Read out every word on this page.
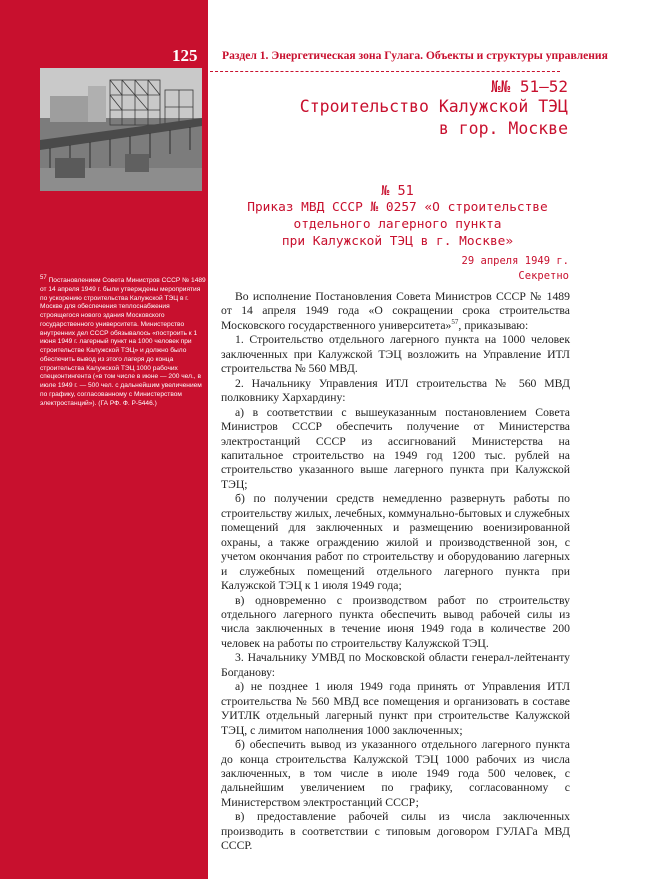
125

$^{57}$ Постановлением Совета Министров СССР № 1489 от 14 апреля 1949 г. были утверждены мероприятия по ускорению строительства Калужской ТЭЦ в г. Москве для обеспечения теплоснабжения строящегося нового здания Московского государственного университета. Министерство внутренних дел СССР обязывалось «построить к 1 июня 1949 г. лагерный пункт на 1000 человек при строительстве Калужской ТЭЦ» и должно было обеспечить вывод из этого лагеря до конца строительства Калужской ТЭЦ 1000 рабочих спецконтингента («в том числе в июне — 200 чел., в июле 1949 г. — 500 чел. с дальнейшим увеличением по графику, согласованному с Министерством электростанций»). (ГА РФ. Ф. Р-5446.)

Раздел 1. Энергетическая зона Гулага. Объекты и структуры управления

№№ 51–52

Строительство Калужской ТЭЦ

в гор. Москве

№ 51

Приказ МВД СССР № 0257 «О строительстве

отдельного лагерного пункта

при Калужской ТЭЦ в г. Москве»

29 апреля 1949 г.

Секретно

Во исполнение Постановления Совета Министров СССР № 1489 от 14 апреля 1949 года «О сокращении срока строительства Московского государственного университета»$^{57}$, приказываю:

1. Строительство отдельного лагерного пункта на 1000 человек заключенных при Калужской ТЭЦ возложить на Управление ИТЛ строительства № 560 МВД.

2. Начальнику Управления ИТЛ строительства № 560 МВД полковнику Хархардину:

а) в соответствии с вышеуказанным постановлением Совета Министров СССР обеспечить получение от Министерства электростанций СССР из ассигнований Министерства на капитальное строительство на 1949 год 1200 тыс. рублей на строительство указанного выше лагерного пункта при Калужской ТЭЦ;

б) по получении средств немедленно развернуть работы по строительству жилых, лечебных, коммунально-бытовых и служебных помещений для заключенных и размещению военизированной охраны, а также ограждению жилой и производственной зон, с учетом окончания работ по строительству и оборудованию лагерных и служебных помещений отдельного лагерного пункта при Калужской ТЭЦ к 1 июля 1949 года;

в) одновременно с производством работ по строительству отдельного лагерного пункта обеспечить вывод рабочей силы из числа заключенных в течение июня 1949 года в количестве 200 человек на работы по строительству Калужской ТЭЦ.

3. Начальнику УМВД по Московской области генерал-лейтенанту Богданову:

а) не позднее 1 июля 1949 года принять от Управления ИТЛ строительства № 560 МВД все помещения и организовать в составе УИТЛК отдельный лагерный пункт при строительстве Калужской ТЭЦ, с лимитом наполнения 1000 заключенных;

б) обеспечить вывод из указанного отдельного лагерного пункта до конца строительства Калужской ТЭЦ 1000 рабочих из числа заключенных, в том числе в июле 1949 года 500 человек, с дальнейшим увеличением по графику, согласованному с Министерством электростанций СССР;

в) предоставление рабочей силы из числа заключенных производить в соответствии с типовым договором ГУЛАГа МВД СССР.
